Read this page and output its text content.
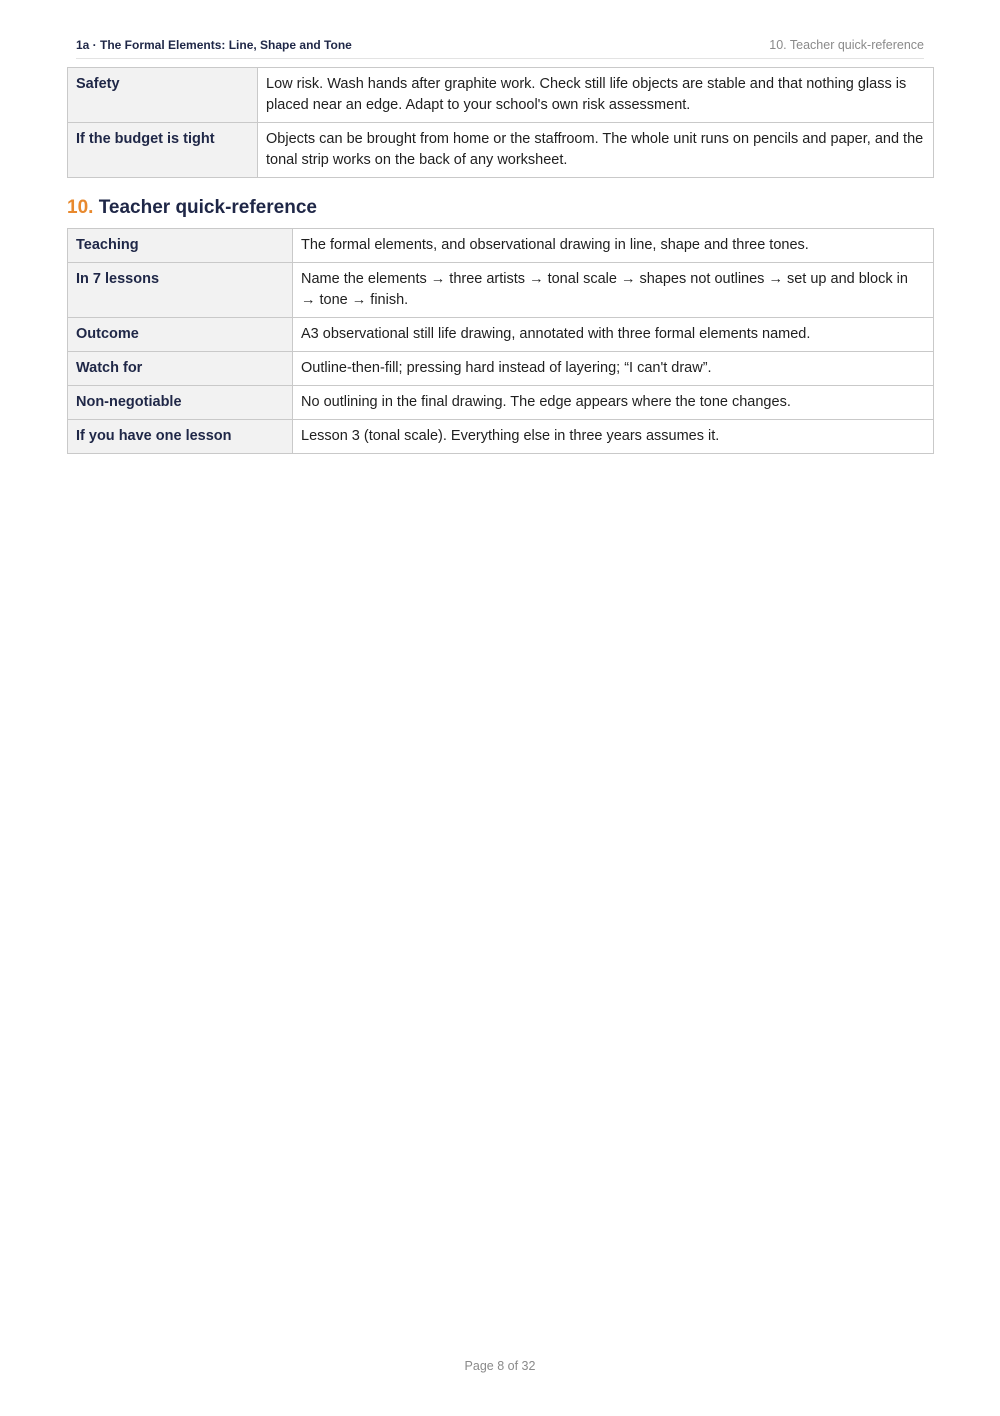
1a · The Formal Elements: Line, Shape and Tone	10. Teacher quick-reference
Safety	Low risk. Wash hands after graphite work. Check still life objects are stable and that nothing glass is placed near an edge. Adapt to your school's own risk assessment.
If the budget is tight	Objects can be brought from home or the staffroom. The whole unit runs on pencils and paper, and the tonal strip works on the back of any worksheet.
10. Teacher quick-reference
Teaching	The formal elements, and observational drawing in line, shape and three tones.
In 7 lessons	Name the elements → three artists → tonal scale → shapes not outlines → set up and block in → tone → finish.
Outcome	A3 observational still life drawing, annotated with three formal elements named.
Watch for	Outline-then-fill; pressing hard instead of layering; “I can't draw”.
Non-negotiable	No outlining in the final drawing. The edge appears where the tone changes.
If you have one lesson	Lesson 3 (tonal scale). Everything else in three years assumes it.
Page 8 of 32
